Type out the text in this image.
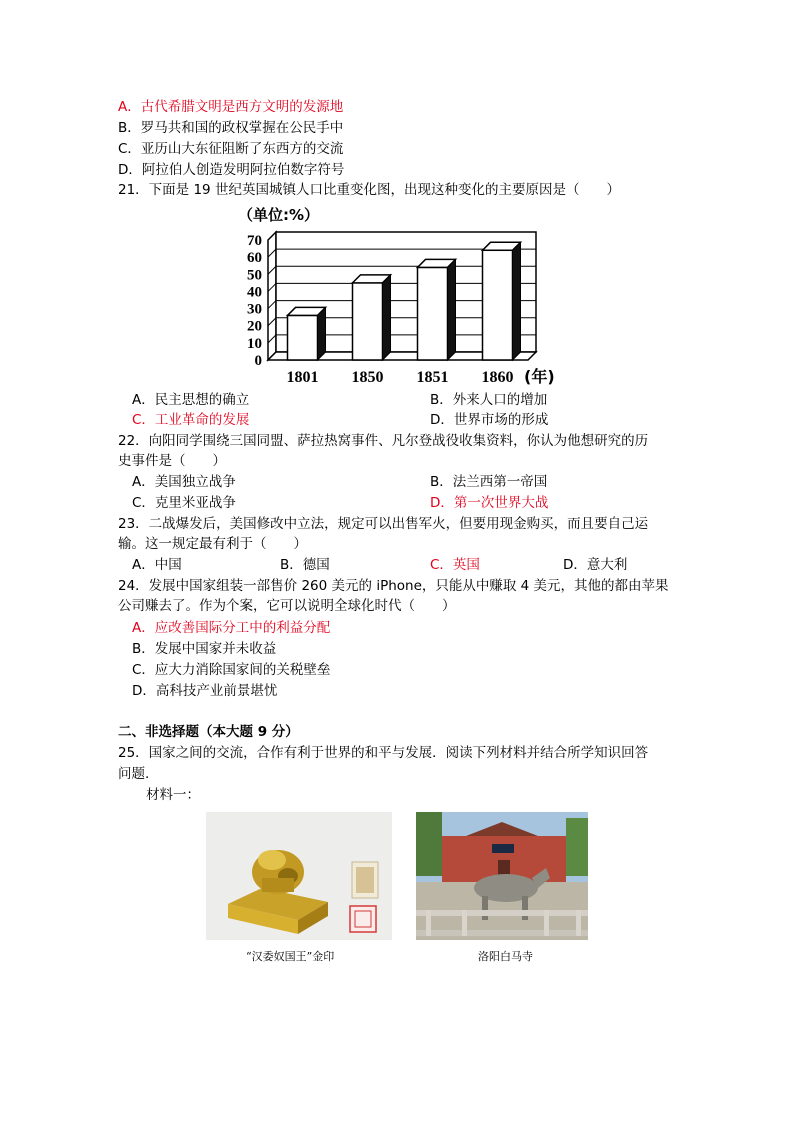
A．古代希腊文明是西方文明的发源地
B．罗马共和国的政权掌握在公民手中
C．亚历山大东征阻断了东西方的交流
D．阿拉伯人创造发明阿拉伯数字符号
21．下面是 19 世纪英国城镇人口比重变化图，出现这种变化的主要原因是（　　）
0
10
20
30
40
50
60
70
（单位:%）
(年)
1801 1850 1851 1860
A．民主思想的确立	B．外来人口的增加
C．工业革命的发展	D．世界市场的形成
22．向阳同学围绕三国同盟、萨拉热窝事件、凡尔登战役收集资料，你认为他想研究的历
史事件是（　　）
A．美国独立战争	B．法兰西第一帝国
C．克里米亚战争	D．第一次世界大战
23．二战爆发后，美国修改中立法，规定可以出售军火，但要用现金购买，而且要自己运
输。这一规定最有利于（　　）
A．中国	B．德国	C．英国	D．意大利
24．发展中国家组装一部售价 260 美元的 iPhone，只能从中赚取 4 美元，其他的都由苹果
公司赚去了。作为个案，它可以说明全球化时代（　　）
A．应改善国际分工中的利益分配
B．发展中国家并未收益
C．应大力消除国家间的关税壁垒
D．高科技产业前景堪忧
二、非选择题（本大题 9 分）
25．国家之间的交流，合作有利于世界的和平与发展．阅读下列材料并结合所学知识回答
问题.
材料一：
“汉委奴国王”金印	洛阳白马寺
